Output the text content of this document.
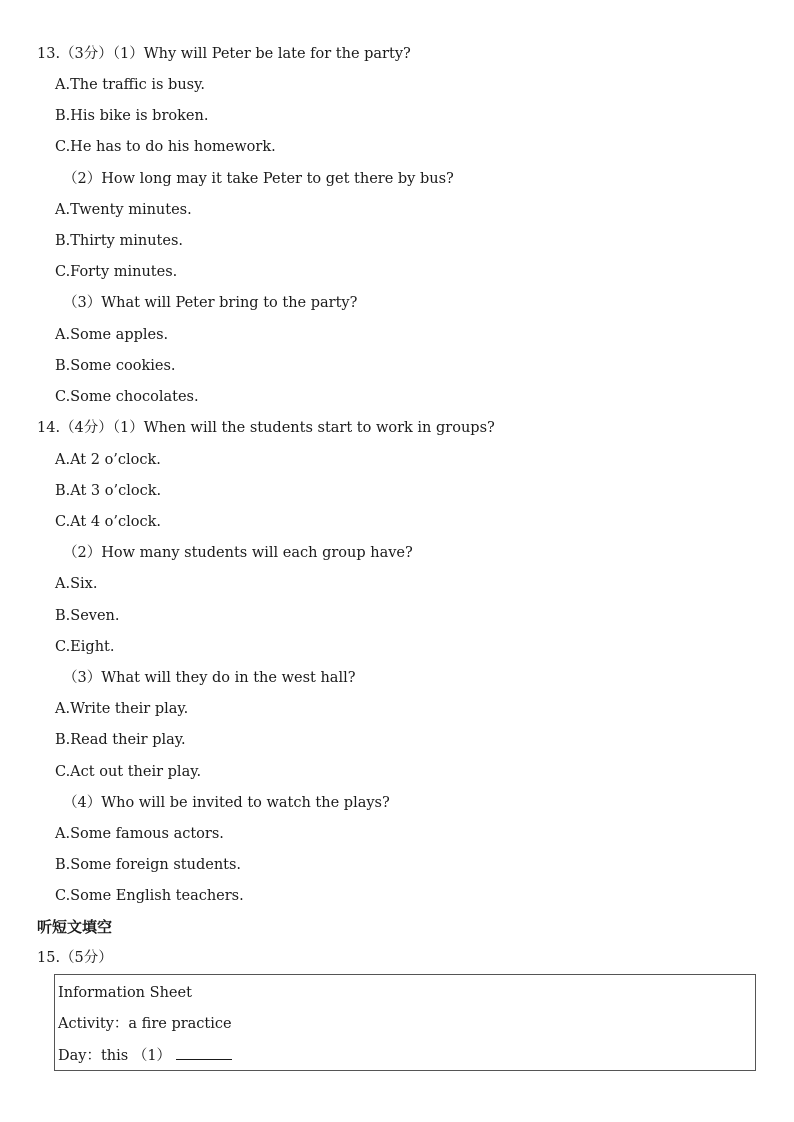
13.（3分）（1）Why will Peter be late for the party?
A.The traffic is busy.
B.His bike is broken.
C.He has to do his homework.
（2）How long may it take Peter to get there by bus?
A.Twenty minutes.
B.Thirty minutes.
C.Forty minutes.
（3）What will Peter bring to the party?
A.Some apples.
B.Some cookies.
C.Some chocolates.
14.（4分）（1）When will the students start to work in groups?
A.At 2 o’clock.
B.At 3 o’clock.
C.At 4 o’clock.
（2）How many students will each group have?
A.Six.
B.Seven.
C.Eight.
（3）What will they do in the west hall?
A.Write their play.
B.Read their play.
C.Act out their play.
（4）Who will be invited to watch the plays?
A.Some famous actors.
B.Some foreign students.
C.Some English teachers.
听短文填空
15.（5分）
Information Sheet
Activity：a fire practice
Day：this （1）
